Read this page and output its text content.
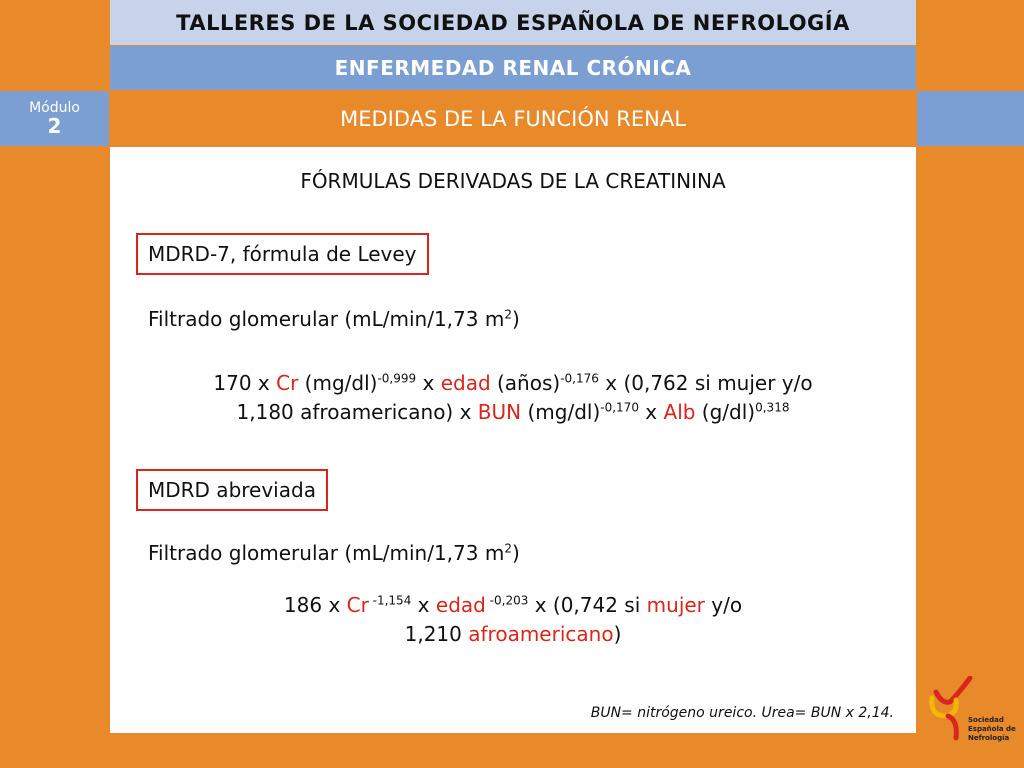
TALLERES DE LA SOCIEDAD ESPAÑOLA DE NEFROLOGÍA
ENFERMEDAD RENAL CRÓNICA
Módulo
2	MEDIDAS DE LA FUNCIÓN RENAL
FÓRMULAS DERIVADAS DE LA CREATININA
MDRD-7, fórmula de Levey
Filtrado glomerular (mL/min/1,73 $m^2$)
170 x Cr $(mg/dl)^{-0,999}$ x edad (años)$^{-0,176}$ x (0,762 si mujer y/o
1,180 afroamericano) x BUN $(mg/dl)^{-0,170}$ x Alb $(g/dl)^{0,318}$
MDRD abreviada
Filtrado glomerular (mL/min/1,73 $m^2$)
186 x Cr $^{-1,154}$ x edad $^{-0,203}$ x (0,742 si mujer y/o
1,210 afroamericano)
BUN= nitrógeno ureico. Urea= BUN x 2,14.	Sociedad
Española de
Nefrología
